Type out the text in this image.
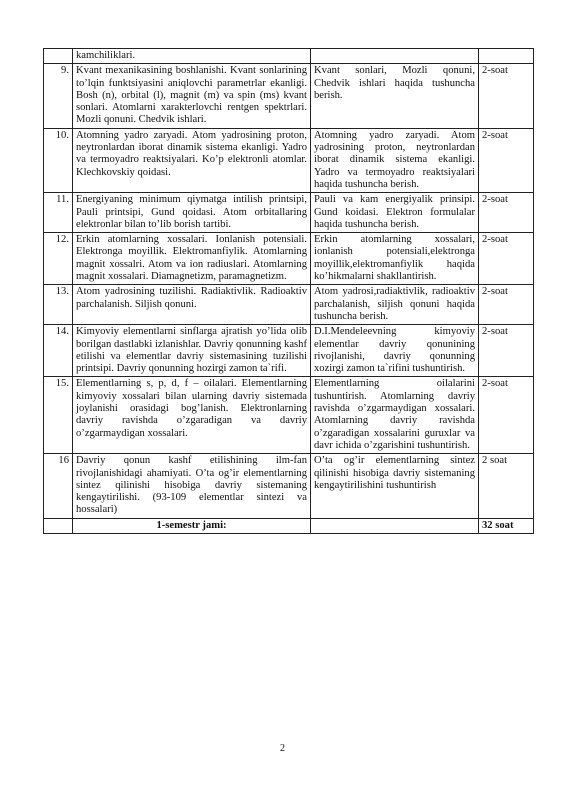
	kamchiliklari.		
9.	Kvant mexanikasining boshlanishi. Kvant sonlarining to’lqin funktsiyasini aniqlovchi parametrlar ekanligi. Bosh (n), orbital (l), magnit (m) va spin (ms) kvant sonlari. Atomlarni xarakterlovchi rentgen spektrlari. Mozli qonuni. Chedvik ishlari.	Kvant sonlari, Mozli qonuni, Chedvik ishlari haqida tushuncha berish.	2-soat
10.	Atomning yadro zaryadi. Atom yadrosining proton, neytronlardan iborat dinamik sistema ekanligi. Yadro va termoyadro reaktsiyalari. Ko’p elektronli atomlar. Klechkovskiy qoidasi.	Atomning yadro zaryadi. Atom yadrosining proton, neytronlardan iborat dinamik sistema ekanligi. Yadro va termoyadro reaktsiyalari haqida tushuncha berish.	2-soat
11.	Energiyaning minimum qiymatga intilish printsipi, Pauli printsipi, Gund qoidasi. Atom orbitallaring elektronlar bilan to’lib borish tartibi.	Pauli va kam energiyalik prinsipi. Gund koidasi. Elektron formulalar haqida tushuncha berish.	2-soat
12.	Erkin atomlarning xossalari. Ionlanish potensiali. Elektronga moyillik. Elektromanfiylik. Atomlarning magnit xossalri. Atom va ion radiuslari. Atomlarning magnit xossalari. Diamagnetizm, paramagnetizm.	Erkin atomlarning xossalari, ionlanish potensiali,elektronga moyillik,elektromanfiylik haqida ko’hikmalarni shakllantirish.	2-soat
13.	Atom yadrosining tuzilishi. Radiaktivlik. Radioaktiv parchalanish. Siljish qonuni.	Atom yadrosi,radiaktivlik, radioaktiv parchalanish, siljish qonuni haqida tushuncha berish.	2-soat
14.	Kimyoviy elementlarni sinflarga ajratish yo’lida olib borilgan dastlabki izlanishlar. Davriy qonunning kashf etilishi va elementlar davriy sistemasining tuzilishi printsipi. Davriy qonunning hozirgi zamon ta`rifi.	D.I.Mendeleevning kimyoviy elementlar davriy qonunining rivojlanishi, davriy qonunning xozirgi zamon ta`rifini tushuntirish.	2-soat
15.	Elementlarning s, p, d, f – oilalari. Elementlarning kimyoviy xossalari bilan ularning davriy sistemada joylanishi orasidagi bog’lanish. Elektronlarning davriy ravishda o’zgaradigan va davriy o’zgarmaydigan xossalari.	Elementlarning oilalarini tushuntirish. Atomlarning davriy ravishda o’zgarmaydigan xossalari. Atomlarning davriy ravishda o’zgaradigan xossalarini guruxlar va davr ichida o’zgarishini tushuntirish.	2-soat
16	Davriy qonun kashf etilishining ilm-fan rivojlanishidagi ahamiyati. O’ta og’ir elementlarning sintez qilinishi hisobiga davriy sistemaning kengaytirilishi. (93-109 elementlar sintezi va hossalari)	O’ta og’ir elementlarning sintez qilinishi hisobiga davriy sistemaning kengaytirilishini tushuntirish	2 soat
	1-semestr jami:		32 soat
2
